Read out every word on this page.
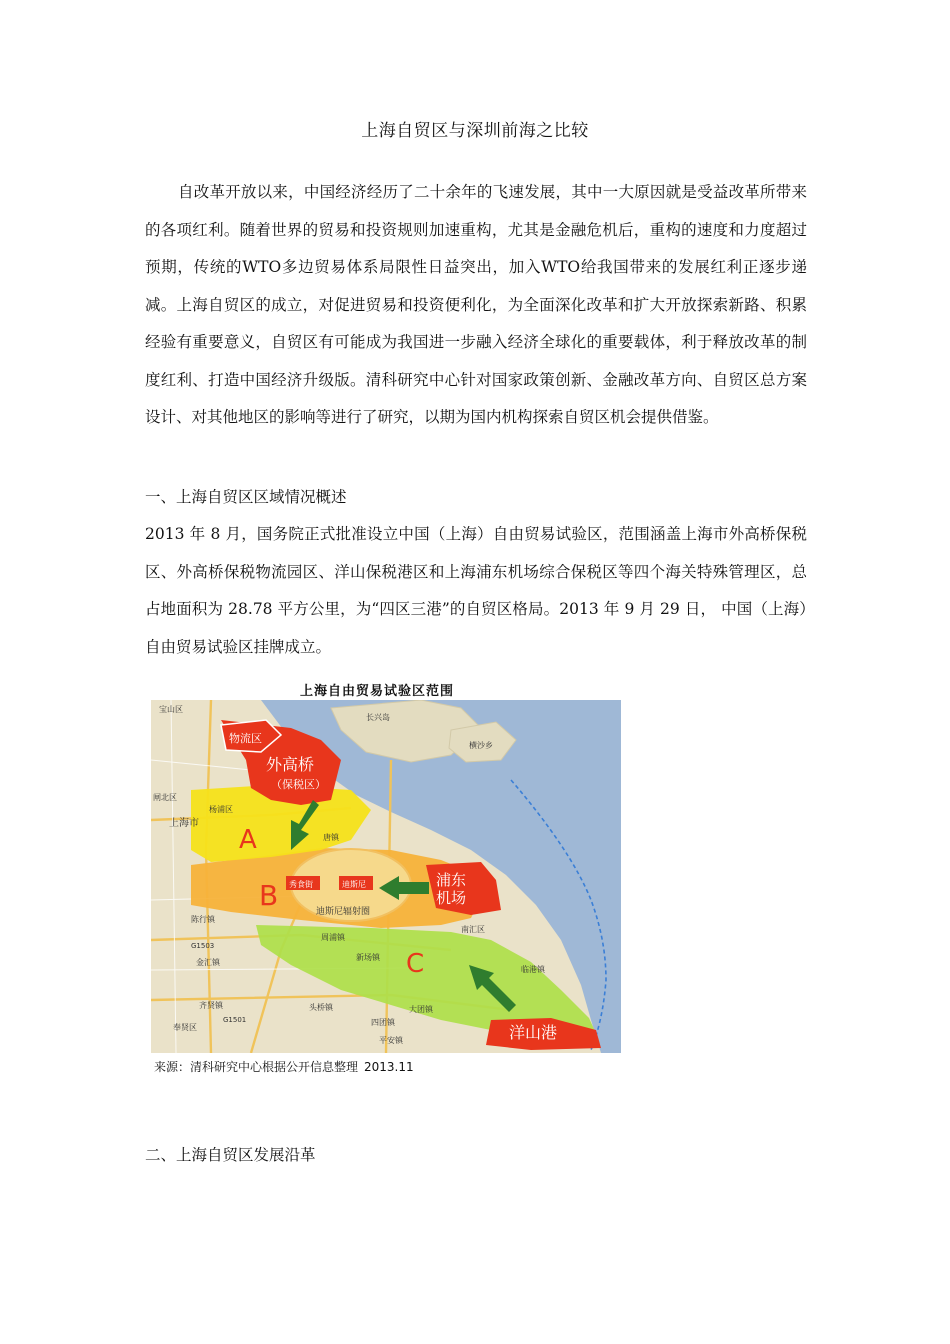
上海自贸区与深圳前海之比较

自改革开放以来，中国经济经历了二十余年的飞速发展，其中一大原因就是受益改革所带来的各项红利。随着世界的贸易和投资规则加速重构，尤其是金融危机后，重构的速度和力度超过预期，传统的WTO多边贸易体系局限性日益突出，加入WTO给我国带来的发展红利正逐步递减。上海自贸区的成立，对促进贸易和投资便利化，为全面深化改革和扩大开放探索新路、积累经验有重要意义，自贸区有可能成为我国进一步融入经济全球化的重要载体，利于释放改革的制度红利、打造中国经济升级版。清科研究中心针对国家政策创新、金融改革方向、自贸区总方案设计、对其他地区的影响等进行了研究，以期为国内机构探索自贸区机会提供借鉴。

一、上海自贸区区域情况概述

2013 年 8 月，国务院正式批准设立中国（上海）自由贸易试验区，范围涵盖上海市外高桥保税区、外高桥保税物流园区、洋山保税港区和上海浦东机场综合保税区等四个海关特殊管理区，总占地面积为 28.78 平方公里，为“四区三港”的自贸区格局。2013 年 9 月 29 日， 中国（上海）自由贸易试验区挂牌成立。

上海自由贸易试验区范围
物流区
外高桥
（保税区）
A
B
C
浦东
机场
洋山港
迪斯尼辐射圈
秀食街	迪斯尼
宝山区
长兴岛
横沙乡
闸北区
杨浦区
上海市
陈行镇
金汇镇
齐贤镇
奉贤区
G1501
G1503
头桥镇
四团镇
平安镇
大团镇
新场镇
周浦镇
唐镇
南汇区
临港镇
来源：清科研究中心根据公开信息整理 2013.11

二、上海自贸区发展沿革
